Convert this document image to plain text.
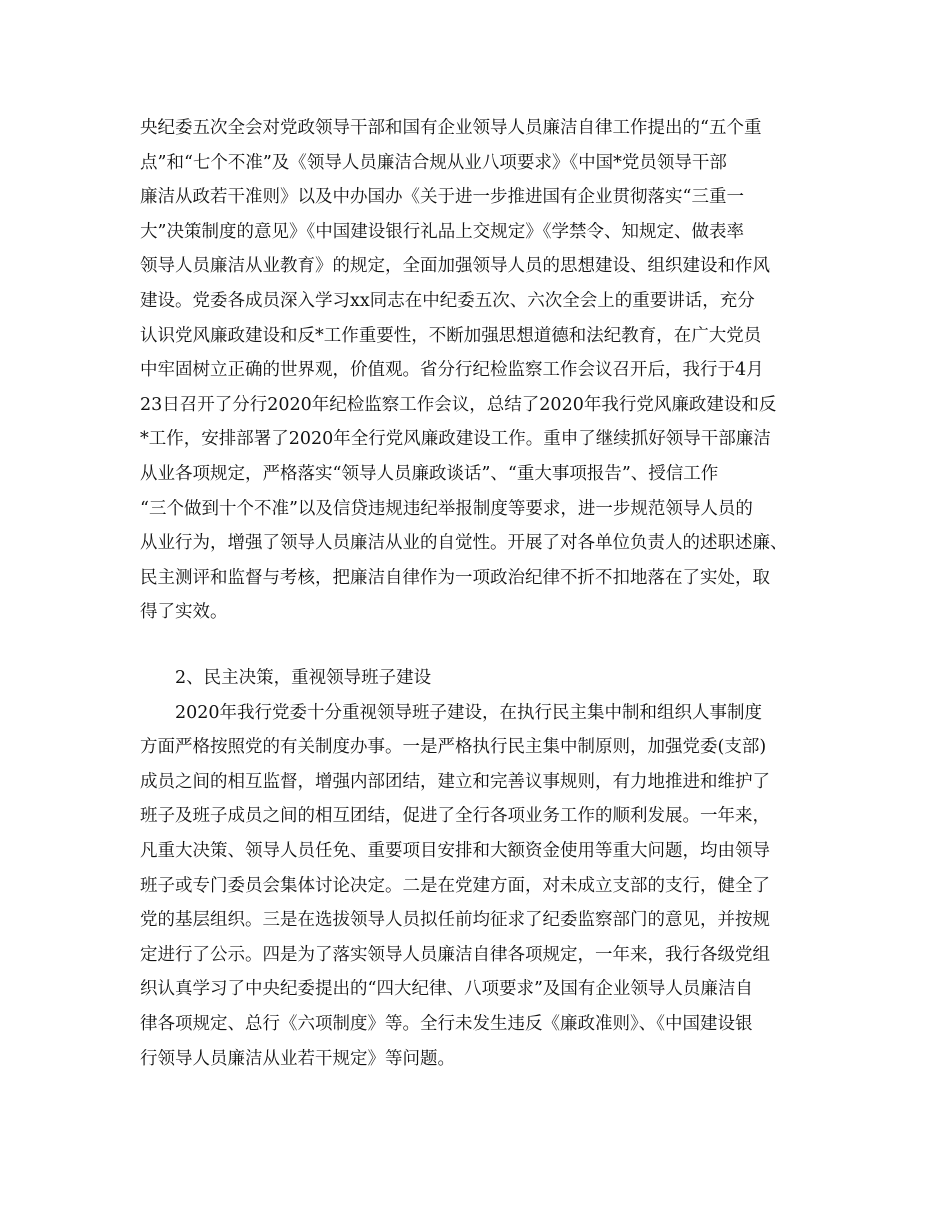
央纪委五次全会对党政领导干部和国有企业领导人员廉洁自律工作提出的“五个重
点”和“七个不准”及《领导人员廉洁合规从业八项要求》《中国*党员领导干部
廉洁从政若干准则》以及中办国办《关于进一步推进国有企业贯彻落实“三重一
大”决策制度的意见》《中国建设银行礼品上交规定》《学禁令、知规定、做表率
领导人员廉洁从业教育》的规定，全面加强领导人员的思想建设、组织建设和作风
建设。党委各成员深入学习xx同志在中纪委五次、六次全会上的重要讲话，充分
认识党风廉政建设和反*工作重要性，不断加强思想道德和法纪教育，在广大党员
中牢固树立正确的世界观，价值观。省分行纪检监察工作会议召开后，我行于4月
23日召开了分行2020年纪检监察工作会议，总结了2020年我行党风廉政建设和反
*工作，安排部署了2020年全行党风廉政建设工作。重申了继续抓好领导干部廉洁
从业各项规定，严格落实“领导人员廉政谈话”、“重大事项报告”、授信工作
“三个做到十个不准”以及信贷违规违纪举报制度等要求，进一步规范领导人员的
从业行为，增强了领导人员廉洁从业的自觉性。开展了对各单位负责人的述职述廉、
民主测评和监督与考核，把廉洁自律作为一项政治纪律不折不扣地落在了实处，取
得了实效。
2、民主决策，重视领导班子建设
2020年我行党委十分重视领导班子建设，在执行民主集中制和组织人事制度
方面严格按照党的有关制度办事。一是严格执行民主集中制原则，加强党委(支部)
成员之间的相互监督，增强内部团结，建立和完善议事规则，有力地推进和维护了
班子及班子成员之间的相互团结，促进了全行各项业务工作的顺利发展。一年来，
凡重大决策、领导人员任免、重要项目安排和大额资金使用等重大问题，均由领导
班子或专门委员会集体讨论决定。二是在党建方面，对未成立支部的支行，健全了
党的基层组织。三是在选拔领导人员拟任前均征求了纪委监察部门的意见，并按规
定进行了公示。四是为了落实领导人员廉洁自律各项规定，一年来，我行各级党组
织认真学习了中央纪委提出的“四大纪律、八项要求”及国有企业领导人员廉洁自
律各项规定、总行《六项制度》等。全行未发生违反《廉政准则》、《中国建设银
行领导人员廉洁从业若干规定》等问题。
